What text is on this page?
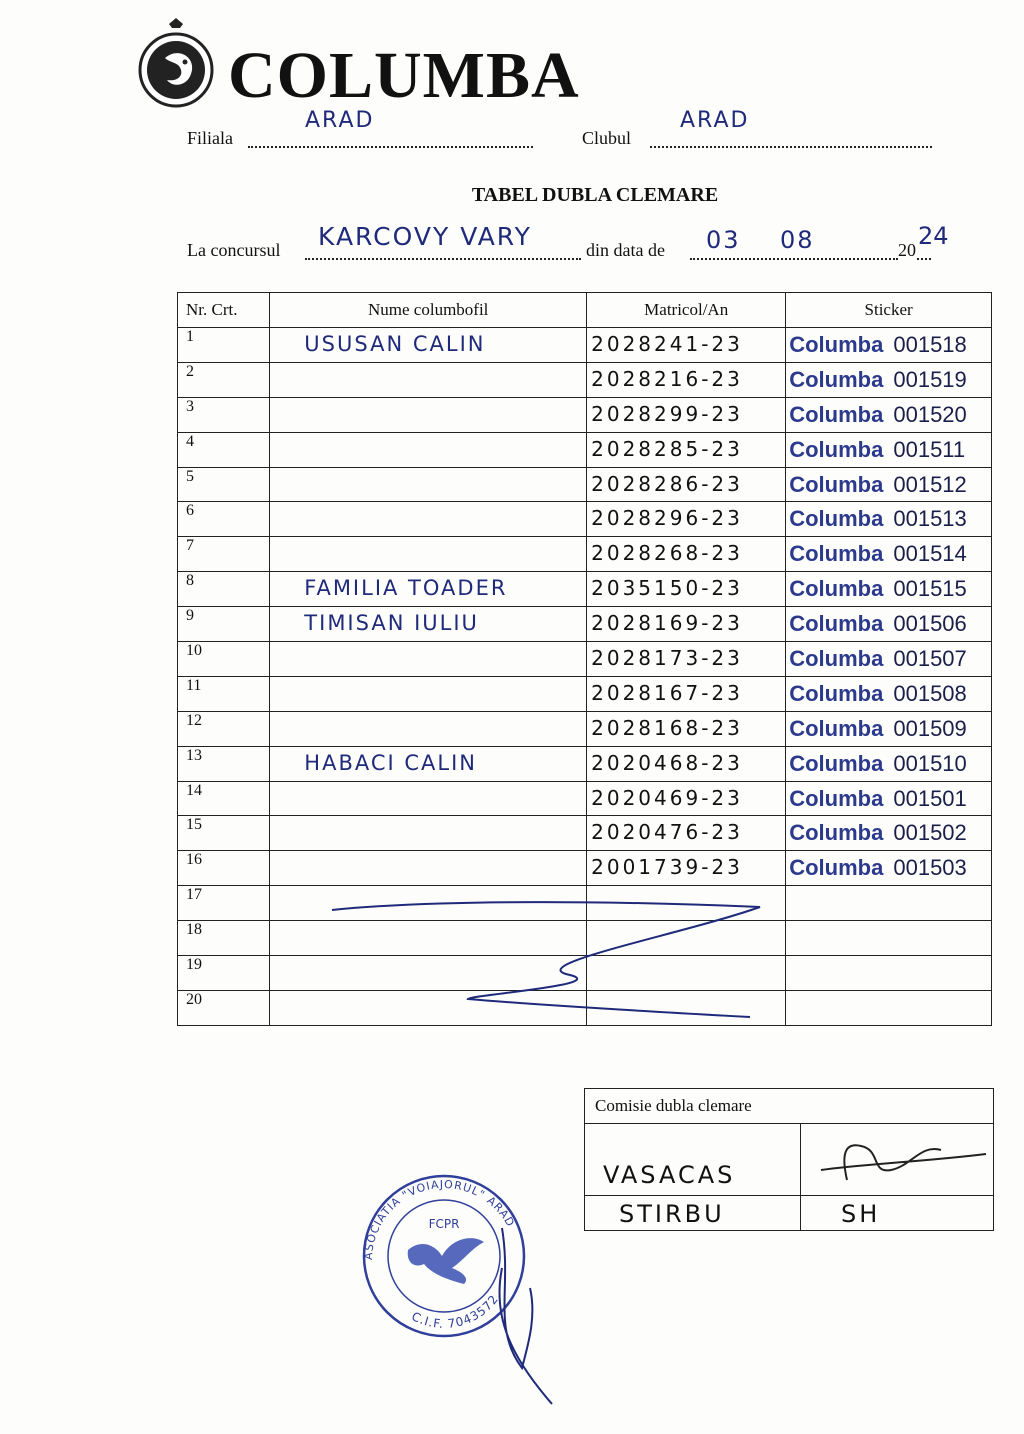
COLUMBA
Filiala
ARAD
Clubul
ARAD
TABEL DUBLA CLEMARE
La concursul KARCOVY VARY	din data de 03 08	20 24
Nr. Crt.	Nume columbofil	Matricol/An	Sticker
1	USUSAN CALIN	2028241-23	Columba 001518
2		2028216-23	Columba 001519
3		2028299-23	Columba 001520
4		2028285-23	Columba 001511
5		2028286-23	Columba 001512
6		2028296-23	Columba 001513
7		2028268-23	Columba 001514
8	FAMILIA TOADER	2035150-23	Columba 001515
9	TIMISAN IULIU	2028169-23	Columba 001506
10		2028173-23	Columba 001507
11		2028167-23	Columba 001508
12		2028168-23	Columba 001509
13	HABACI CALIN	2020468-23	Columba 001510
14		2020469-23	Columba 001501
15		2020476-23	Columba 001502
16		2001739-23	Columba 001503
17	

18	

19	

20	

Comisie dubla clemare	

VASACAS

STIRBU	SH
ASOCIATIA "VOIAJORUL" ARAD
C.I.F. 7043572
FCPR
